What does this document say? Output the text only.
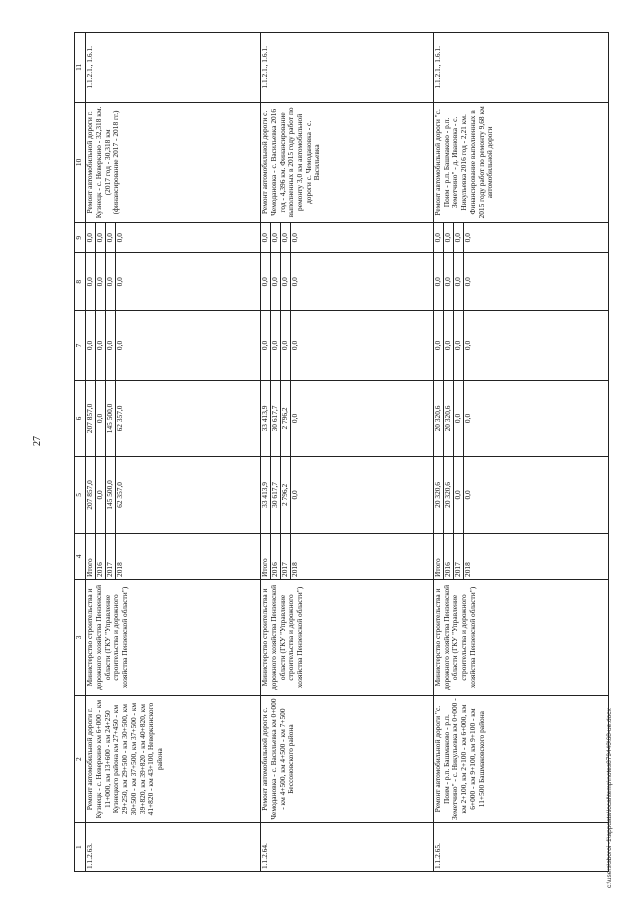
27
c:\users\sboroi~1\appdata\local\temp\notes879440\68-ue.docx
1	2	3	4	5	6	7	8	9	10	11
1.1.2.63.	Ремонт автомобильной дороги г. Кузнецк - с. Неверкино км 6+000 - км 11+000, км 13+600 - км 24+250 Кузнецкого района км 27+450 - км 29+250, км 29+500 - км 30+500, км 30+500 - км 37+500, км 37+500 - км 39+820, км 39+820 - км 40+820, км 41+820 - км 43+100, Неверкинского района	Министерство строительства и дорожного хозяйства Пензенской области (ГКУ "Управление строительства и дорожного хозяйства Пензенской области")	Итого	207 857,0	207 857,0	0,0	0,0	0,0	Ремонт автомобильной дороги г. Кузнецк - с. Неверкино - 32,318 км. (2017 год - 30,318 км (финансирование 2017 - 2018 гг.)	1.1.2.1., 1.6.1.
			2016	0,0	0,0	0,0	0,0	0,0		
			2017	145 500,0	145 500,0	0,0	0,0	0,0		
			2018	62 357,0	62 357,0	0,0	0,0	0,0		
1.1.2.64.	Ремонт автомобильной дороги с. Чемодановка - с. Васильевка км 0+000 - км 4+500, км 4+500 - км 7+500 Бессоновского района	Министерство строительства и дорожного хозяйства Пензенской области (ГКУ "Управление строительства и дорожного хозяйства Пензенской области")	Итого	33 413,9	33 413,9	0,0	0,0	0,0	Ремонт автомобильной дороги с. Чемодановка - с. Васильевка 2016 год - 4,396 км. Финансирование выполненных в 2015 году работ по ремонту 3,0 км автомобильной дороги с. Чемодановка - с. Васильевка	1.1.2.1., 1.6.1.
			2016	30 617,7	30 617,7	0,0	0,0	0,0		
			2017	2 796,2	2 796,2	0,0	0,0	0,0		
			2018	0,0	0,0	0,0	0,0	0,0		
1.1.2.65.	Ремонт автомобильной дороги "с. Поим - р.п. Башмаково - р.п. Земетчино" - с. Никульевка км 0+000 - км 2+100, км 2+100 - км 6+000, км 6+000 - км 9+100, км 9+100 - км 11+500 Башмаковского района	Министерство строительства и дорожного хозяйства Пензенской области (ГКУ "Управление строительства и дорожного хозяйства Пензенской области")	Итого	20 320,6	20 320,6	0,0	0,0	0,0	Ремонт автомобильной дороги "с. Поим - р.п. Башмаково - р.п. Земетчино" - д. Ивановка - с. Никульевка 2016 год - 2,21 км. Финансирование выполненных в 2015 году работ по ремонту 9,68 км автомобильной дороги	1.1.2.1., 1.6.1.
			2016	20 320,6	20 320,6	0,0	0,0	0,0		
			2017	0,0	0,0	0,0	0,0	0,0		
			2018	0,0	0,0	0,0	0,0	0,0		
